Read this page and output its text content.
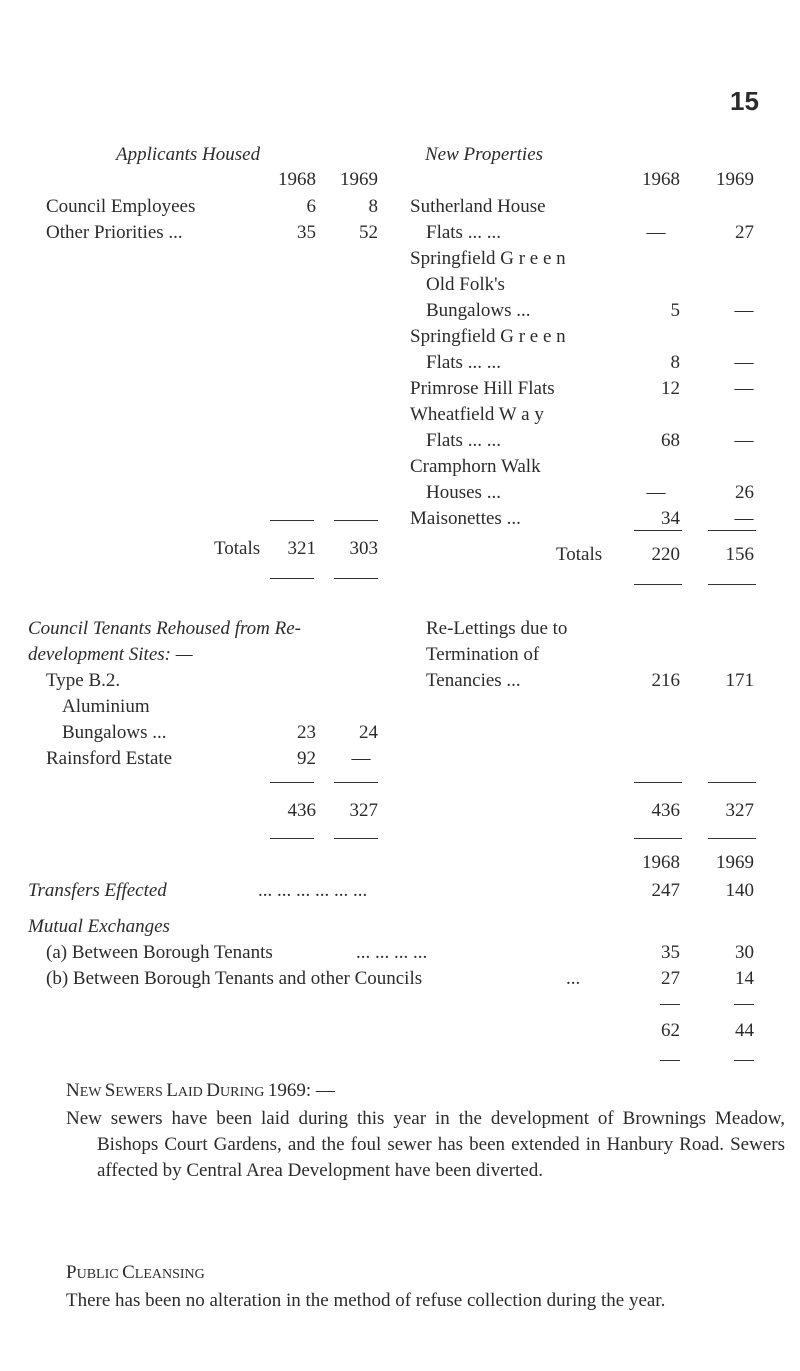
15
Applicants Housed
1968	1969
Council Employees	6	8
Other Priorities ...	35	52
Totals	321	303
New Properties
1968	1969
Sutherland House
Flats ... ...	—	27
Springfield G r e e n
Old Folk's
Bungalows ...	5	—
Springfield G r e e n
Flats ... ...	8	—
Primrose Hill Flats	12	—
Wheatfield W a y
Flats ... ...	68	—
Cramphorn Walk
Houses ...	—	26
Maisonettes ...	34	—
Totals	220	156
Council Tenants Rehoused from Re-
development Sites: —
Type B.2.
Aluminium
Bungalows ...	23	24
Rainsford Estate	92	—
436	327
Re-Lettings due to
Termination of
Tenancies ...	216	171
436	327
1968	1969
Transfers Effected	... ... ... ... ... ...	247	140
Mutual Exchanges
(a) Between Borough Tenants	... ... ... ...	35	30
(b) Between Borough Tenants and other Councils	...	27	14
62	44
NEW SEWERS LAID DURING 1969: —
New sewers have been laid during this year in the development of Brownings Meadow, Bishops Court Gardens, and the foul sewer has been extended in Hanbury Road. Sewers affected by Central Area Development have been diverted.
PUBLIC CLEANSING
There has been no alteration in the method of refuse collection during the year.
